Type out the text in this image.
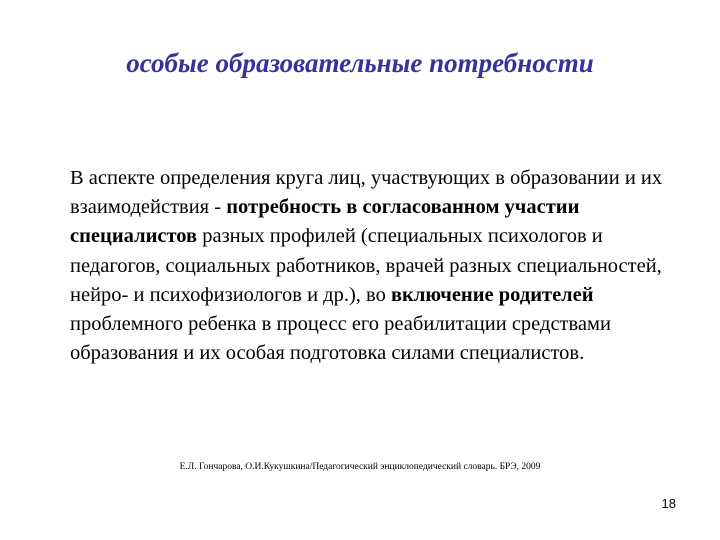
особые образовательные потребности

В аспекте определения круга лиц, участвующих в образовании и их взаимодействия - потребность в согласованном участии специалистов разных профилей (специальных психологов и педагогов, социальных работников, врачей разных специальностей, нейро- и психофизиологов и др.), во включение родителей проблемного ребенка в процесс его реабилитации средствами образования и их особая подготовка силами специалистов.

Е.Л. Гончарова, О.И.Кукушкина/Педагогический энциклопедический словарь. БРЭ, 2009
18
